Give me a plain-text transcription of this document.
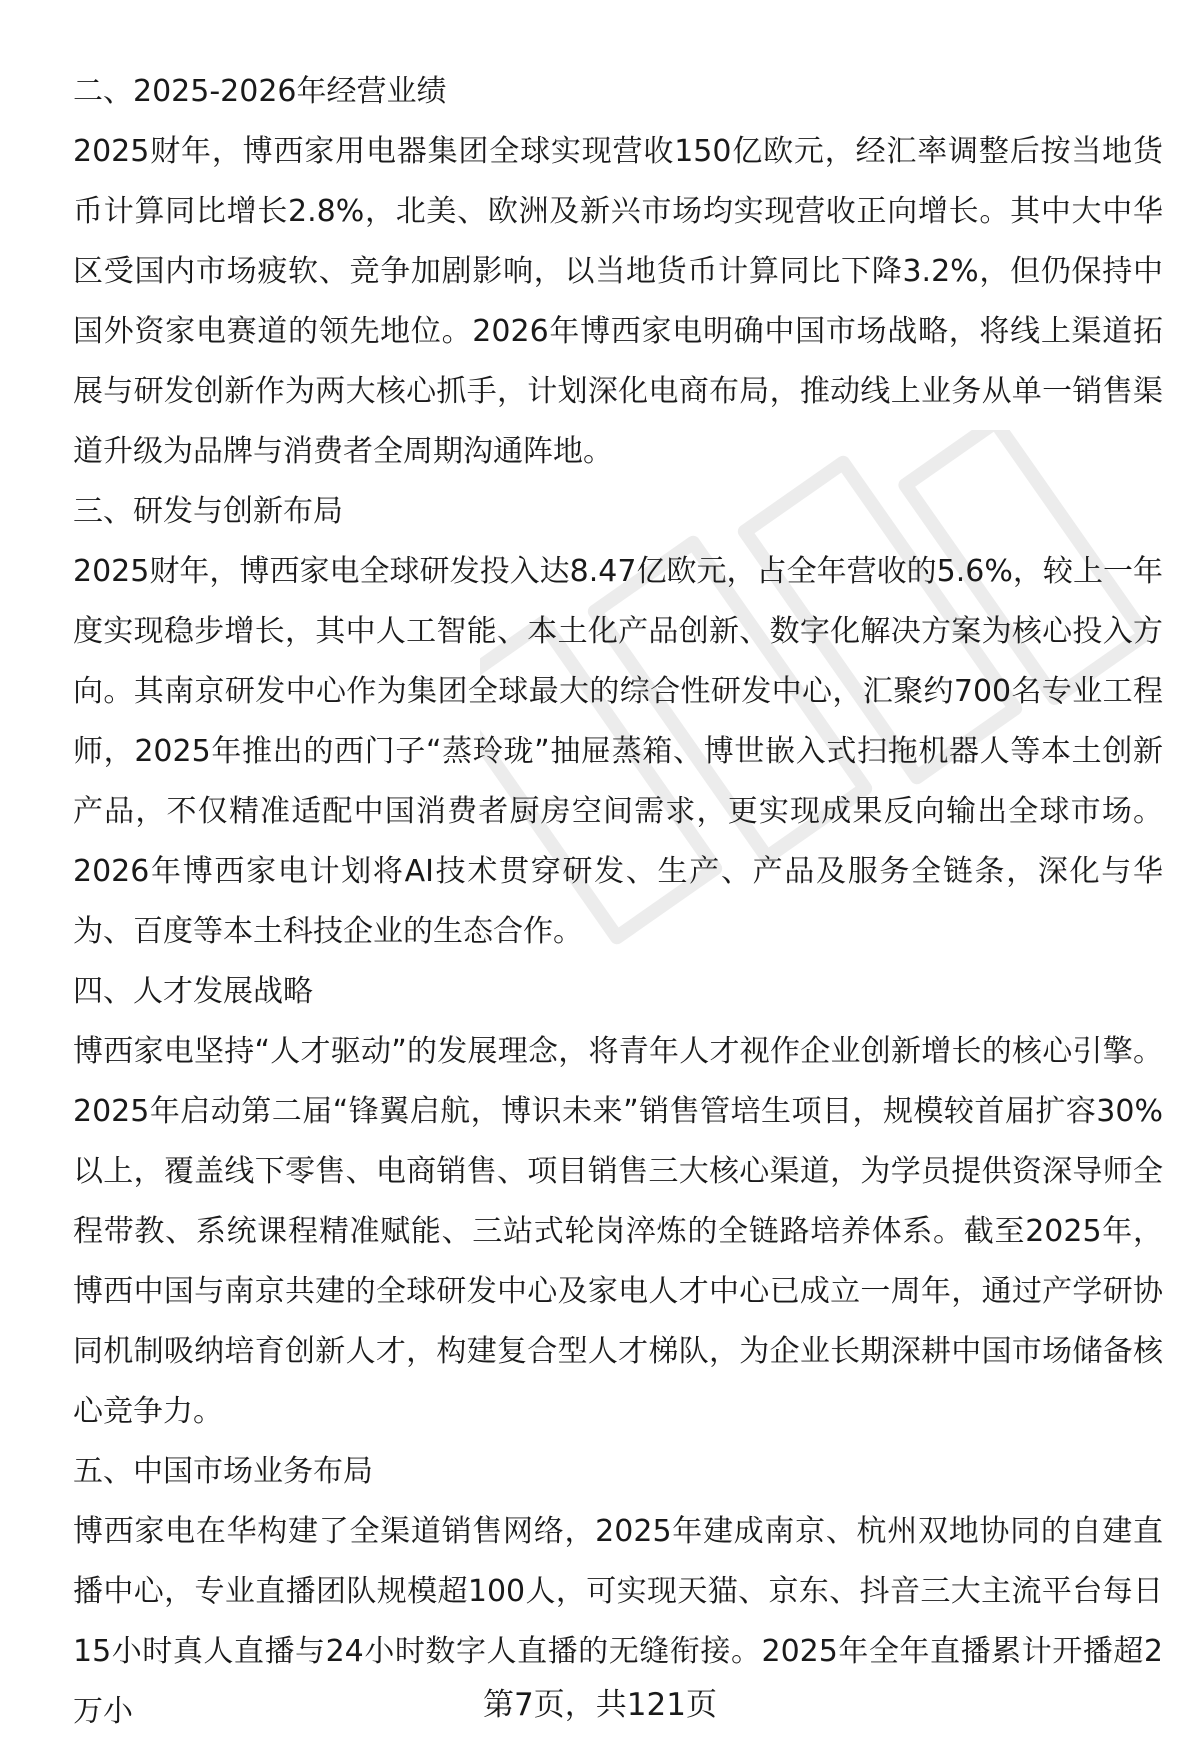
二、2025-2026年经营业绩

2025财年，博西家用电器集团全球实现营收150亿欧元，经汇率调整后按当地货币计算同比增长2.8%，北美、欧洲及新兴市场均实现营收正向增长。其中大中华区受国内市场疲软、竞争加剧影响，以当地货币计算同比下降3.2%，但仍保持中国外资家电赛道的领先地位。2026年博西家电明确中国市场战略，将线上渠道拓展与研发创新作为两大核心抓手，计划深化电商布局，推动线上业务从单一销售渠道升级为品牌与消费者全周期沟通阵地。

三、研发与创新布局

2025财年，博西家电全球研发投入达8.47亿欧元，占全年营收的5.6%，较上一年度实现稳步增长，其中人工智能、本土化产品创新、数字化解决方案为核心投入方向。其南京研发中心作为集团全球最大的综合性研发中心，汇聚约700名专业工程师，2025年推出的西门子“蒸玲珑”抽屉蒸箱、博世嵌入式扫拖机器人等本土创新产品，不仅精准适配中国消费者厨房空间需求，更实现成果反向输出全球市场。2026年博西家电计划将AI技术贯穿研发、生产、产品及服务全链条，深化与华为、百度等本土科技企业的生态合作。

四、人才发展战略

博西家电坚持“人才驱动”的发展理念，将青年人才视作企业创新增长的核心引擎。2025年启动第二届“锋翼启航，博识未来”销售管培生项目，规模较首届扩容30%以上，覆盖线下零售、电商销售、项目销售三大核心渠道，为学员提供资深导师全程带教、系统课程精准赋能、三站式轮岗淬炼的全链路培养体系。截至2025年，博西中国与南京共建的全球研发中心及家电人才中心已成立一周年，通过产学研协同机制吸纳培育创新人才，构建复合型人才梯队，为企业长期深耕中国市场储备核心竞争力。

五、中国市场业务布局

博西家电在华构建了全渠道销售网络，2025年建成南京、杭州双地协同的自建直播中心，专业直播团队规模超100人，可实现天猫、京东、抖音三大主流平台每日15小时真人直播与24小时数字人直播的无缝衔接。2025年全年直播累计开播超2万小	第7页，共121页
